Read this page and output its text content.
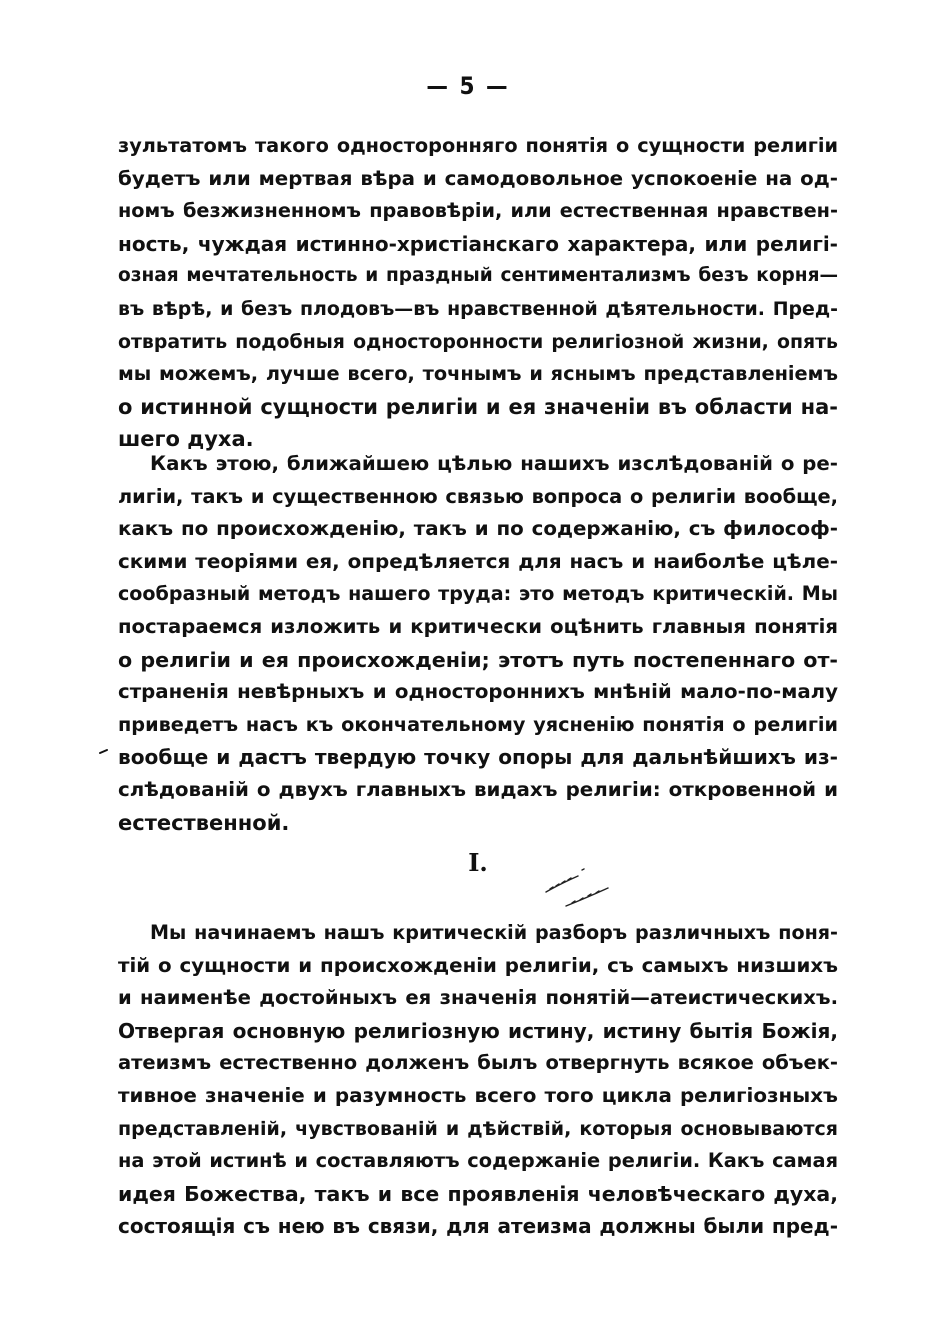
— 5 —
зультатомъ такого односторонняго понятія о сущности религіи
будетъ или мертвая вѣра и самодовольное успокоеніе на од-
номъ безжизненномъ правовѣріи, или естественная нравствен-
ность, чуждая истинно-христіанскаго характера, или религі-
озная мечтательность и праздный сентиментализмъ безъ корня—
въ вѣрѣ, и безъ плодовъ—въ нравственной дѣятельности. Пред-
отвратить подобныя односторонности религіозной жизни, опять
мы можемъ, лучше всего, точнымъ и яснымъ представленіемъ
о истинной сущности религіи и ея значеніи въ области на-
шего духа.
Какъ этою, ближайшею цѣлью нашихъ изслѣдованій о ре-
лигіи, такъ и существенною связью вопроса о религіи вообще,
какъ по происхожденію, такъ и по содержанію, съ философ-
скими теоріями ея, опредѣляется для насъ и наиболѣе цѣле-
сообразный методъ нашего труда: это методъ критическій. Мы
постараемся изложить и критически оцѣнить главныя понятія
о религіи и ея происхожденіи; этотъ путь постепеннаго от-
страненія невѣрныхъ и одностороннихъ мнѣній мало-по-малу
приведетъ насъ къ окончательному уясненію понятія о религіи
вообще и дастъ твердую точку опоры для дальнѣйшихъ из-
слѣдованій о двухъ главныхъ видахъ религіи: откровенной и
естественной.
I.
Мы начинаемъ нашъ критическій разборъ различныхъ поня-
тій о сущности и происхожденіи религіи, съ самыхъ низшихъ
и наименѣе достойныхъ ея значенія понятій—атеистическихъ.
Отвергая основную религіозную истину, истину бытія Божія,
атеизмъ естественно долженъ былъ отвергнуть всякое объек-
тивное значеніе и разумность всего того цикла религіозныхъ
представленій, чувствованій и дѣйствій, которыя основываются
на этой истинѣ и составляютъ содержаніе религіи. Какъ самая
идея Божества, такъ и все проявленія человѣческаго духа,
состоящія съ нею въ связи, для атеизма должны были пред-
